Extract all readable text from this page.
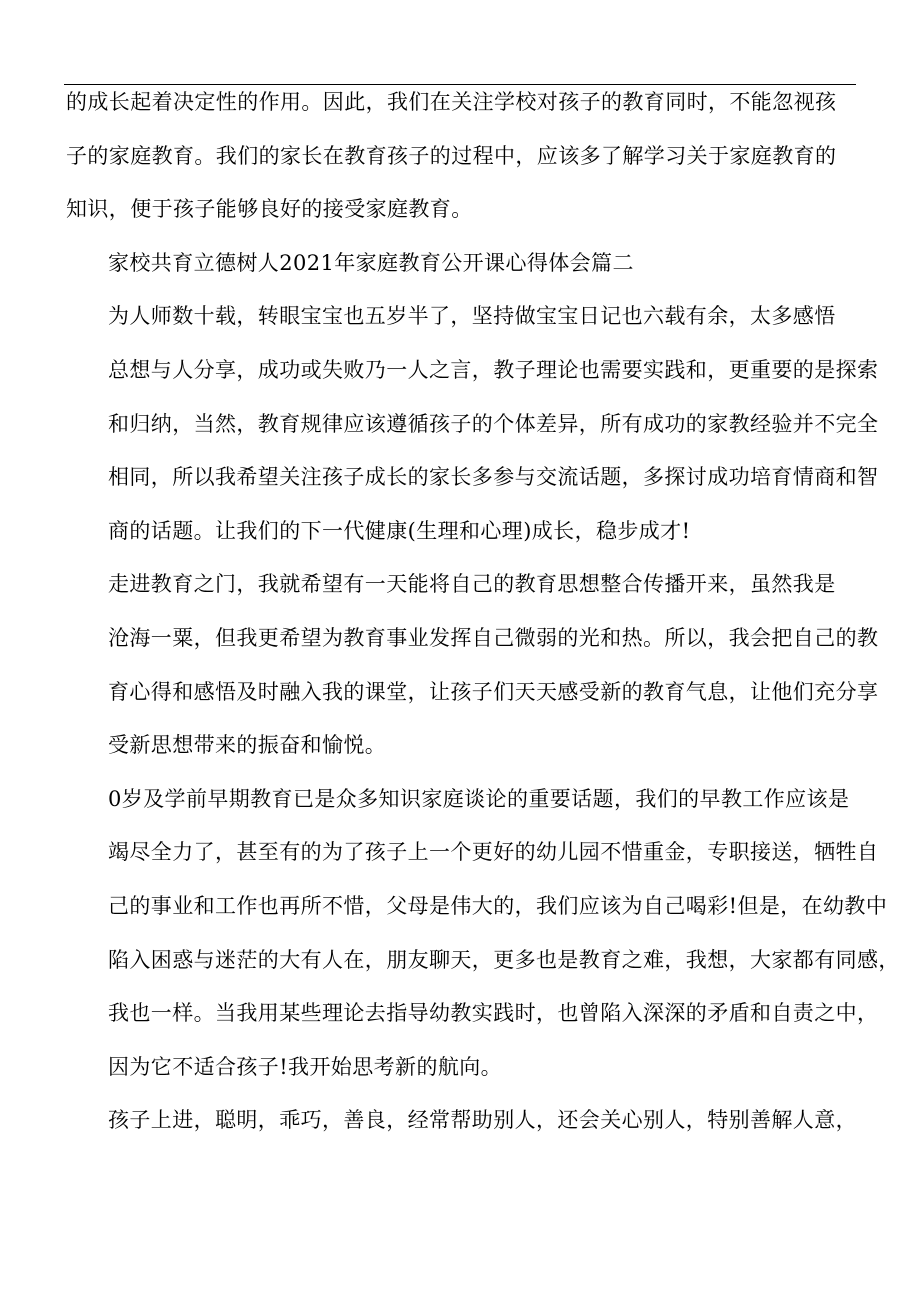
的成长起着决定性的作用。因此，我们在关注学校对孩子的教育同时，不能忽视孩
子的家庭教育。我们的家长在教育孩子的过程中，应该多了解学习关于家庭教育的
知识，便于孩子能够良好的接受家庭教育。

家校共育立德树人2021年家庭教育公开课心得体会篇二

为人师数十载，转眼宝宝也五岁半了，坚持做宝宝日记也六载有余，太多感悟
总想与人分享，成功或失败乃一人之言，教子理论也需要实践和，更重要的是探索
和归纳，当然，教育规律应该遵循孩子的个体差异，所有成功的家教经验并不完全
相同，所以我希望关注孩子成长的家长多参与交流话题，多探讨成功培育情商和智
商的话题。让我们的下一代健康(生理和心理)成长，稳步成才!

走进教育之门，我就希望有一天能将自己的教育思想整合传播开来，虽然我是
沧海一粟，但我更希望为教育事业发挥自己微弱的光和热。所以，我会把自己的教
育心得和感悟及时融入我的课堂，让孩子们天天感受新的教育气息，让他们充分享
受新思想带来的振奋和愉悦。

0岁及学前早期教育已是众多知识家庭谈论的重要话题，我们的早教工作应该是
竭尽全力了，甚至有的为了孩子上一个更好的幼儿园不惜重金，专职接送，牺牲自
己的事业和工作也再所不惜，父母是伟大的，我们应该为自己喝彩!但是，在幼教中
陷入困惑与迷茫的大有人在，朋友聊天，更多也是教育之难，我想，大家都有同感，
我也一样。当我用某些理论去指导幼教实践时，也曾陷入深深的矛盾和自责之中，
因为它不适合孩子!我开始思考新的航向。

孩子上进，聪明，乖巧，善良，经常帮助别人，还会关心别人，特别善解人意，
